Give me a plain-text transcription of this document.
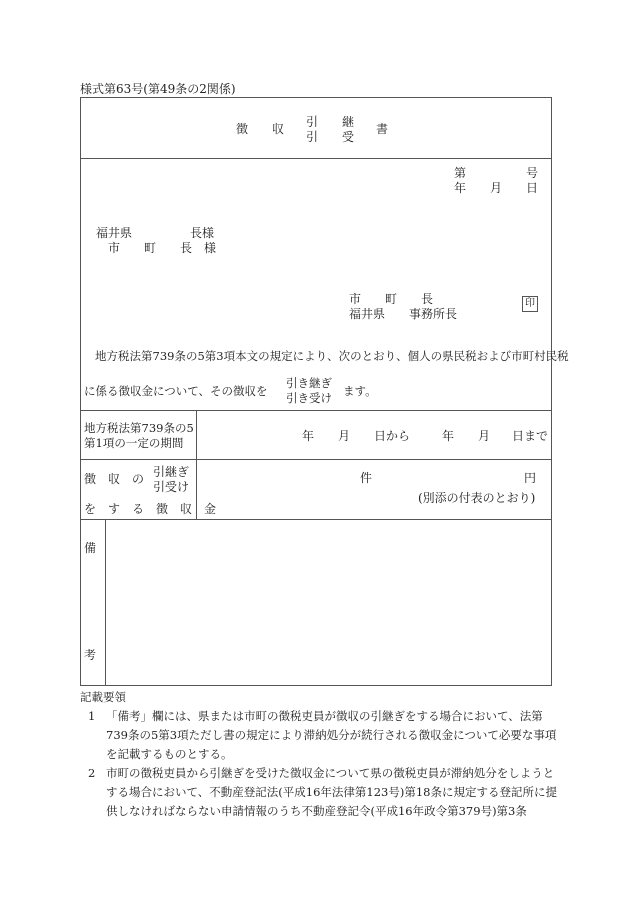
様式第63号(第49条の2関係)
徴　　収 引　　継
引　　受
書
第	号
年 月 日
福井県	長様
市　　町　　長　様
市　　町　　長
福井県　　事務所長
印
地方税法第739条の5第3項本文の規定により、次のとおり、個人の県民税および市町村民税
に係る徴収金について、その徴収を
引き継ぎ
引き受け ます。
地方税法第739条の5
第1項の一定の期間	年 月 日から	年 月 日まで
徴　収　の 引継ぎ
引受け
を　す　る　徴　収　金
件	円
(別添の付表のとおり)
備
考
記載要領
1 「備考」欄には、県または市町の徴税吏員が徴収の引継ぎをする場合において、法第739条の5第3項ただし書の規定により滞納処分が続行される徴収金について必要な事項を記載するものとする。
2 市町の徴税吏員から引継ぎを受けた徴収金について県の徴税吏員が滞納処分をしようとする場合において、不動産登記法(平成16年法律第123号)第18条に規定する登記所に提供しなければならない申請情報のうち不動産登記令(平成16年政令第379号)第3条
